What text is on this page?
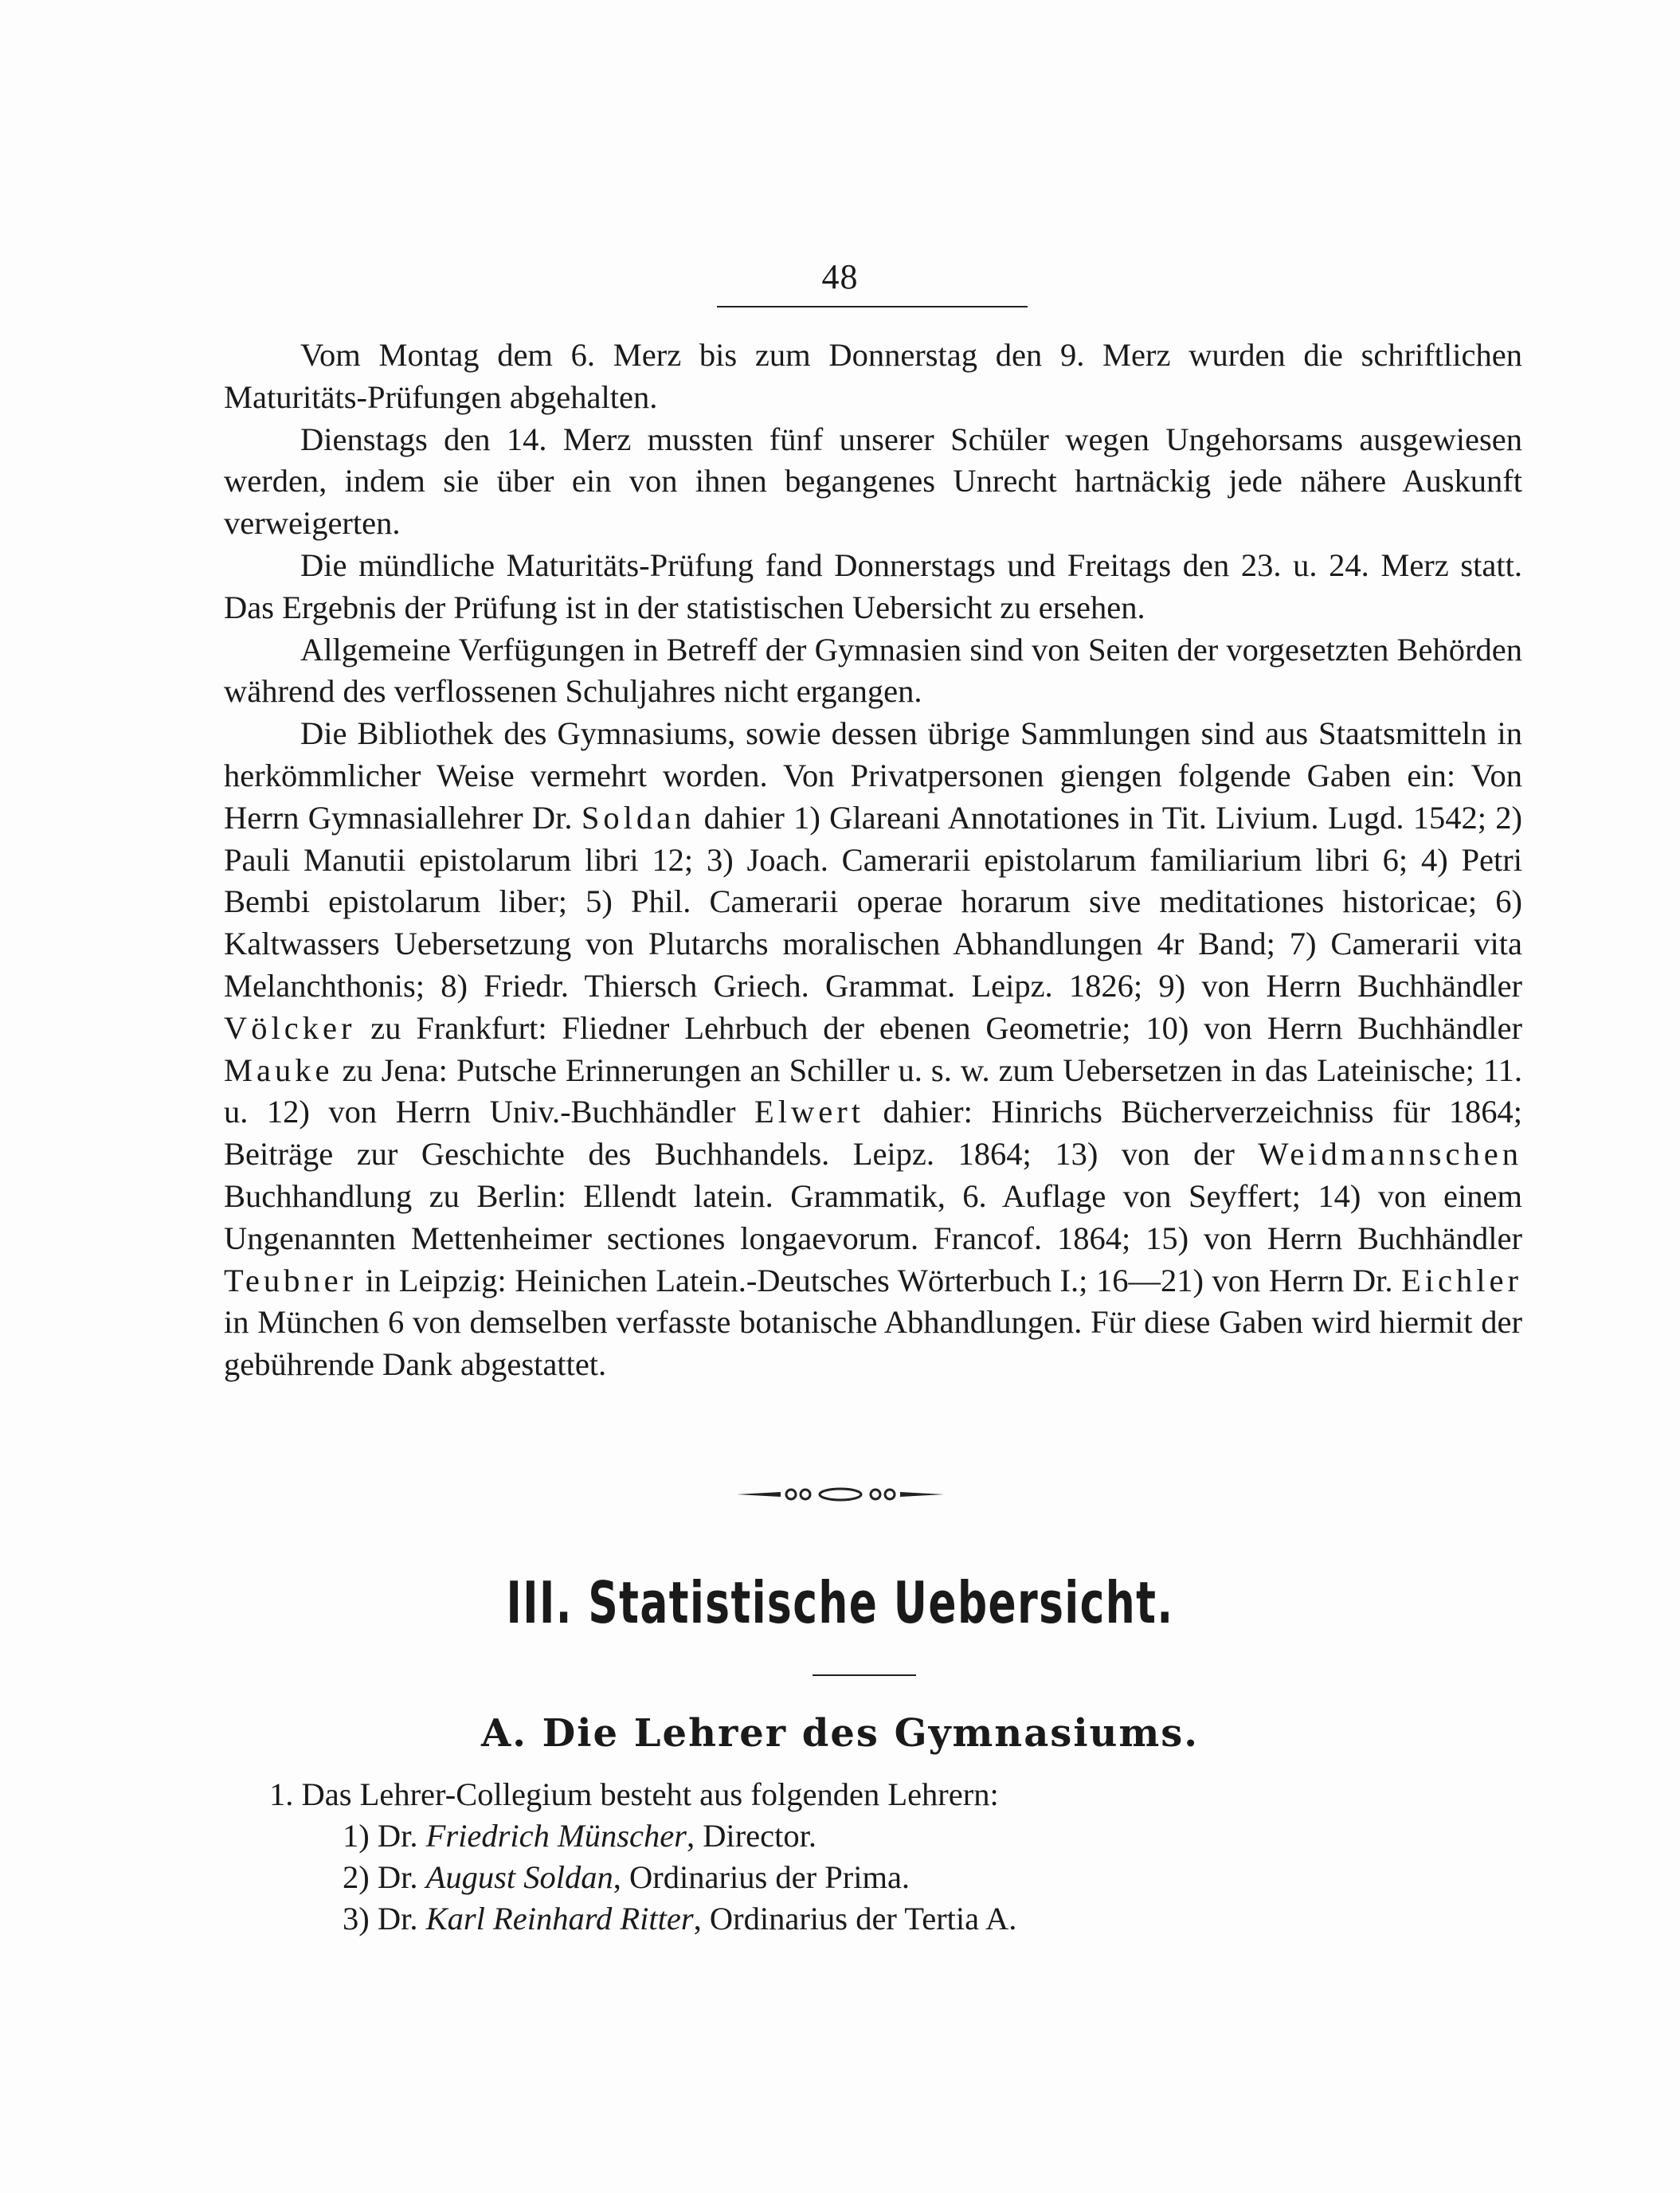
48

Vom Montag dem 6. Merz bis zum Donnerstag den 9. Merz wurden die schriftlichen Maturitäts-Prüfungen abgehalten.

Dienstags den 14. Merz mussten fünf unserer Schüler wegen Ungehorsams ausgewiesen werden, indem sie über ein von ihnen begangenes Unrecht hartnäckig jede nähere Auskunft verweigerten.

Die mündliche Maturitäts-Prüfung fand Donnerstags und Freitags den 23. u. 24. Merz statt. Das Ergebnis der Prüfung ist in der statistischen Uebersicht zu ersehen.

Allgemeine Verfügungen in Betreff der Gymnasien sind von Seiten der vorgesetzten Behörden während des verflossenen Schuljahres nicht ergangen.

Die Bibliothek des Gymnasiums, sowie dessen übrige Sammlungen sind aus Staatsmitteln in herkömmlicher Weise vermehrt worden. Von Privatpersonen giengen folgende Gaben ein: Von Herrn Gymnasiallehrer Dr. Soldan dahier 1) Glareani Annotationes in Tit. Livium. Lugd. 1542; 2) Pauli Manutii epistolarum libri 12; 3) Joach. Camerarii epistolarum familiarium libri 6; 4) Petri Bembi epistolarum liber; 5) Phil. Camerarii operae horarum sive meditationes historicae; 6) Kaltwassers Uebersetzung von Plutarchs moralischen Abhandlungen 4r Band; 7) Camerarii vita Melanchthonis; 8) Friedr. Thiersch Griech. Grammat. Leipz. 1826; 9) von Herrn Buchhändler Völcker zu Frankfurt: Fliedner Lehrbuch der ebenen Geometrie; 10) von Herrn Buchhändler Mauke zu Jena: Putsche Erinnerungen an Schiller u. s. w. zum Uebersetzen in das Lateinische; 11. u. 12) von Herrn Univ.-Buchhändler Elwert dahier: Hinrichs Bücherverzeichniss für 1864; Beiträge zur Geschichte des Buchhandels. Leipz. 1864; 13) von der Weidmannschen Buchhandlung zu Berlin: Ellendt latein. Grammatik, 6. Auflage von Seyffert; 14) von einem Ungenannten Mettenheimer sectiones longaevorum. Francof. 1864; 15) von Herrn Buchhändler Teubner in Leipzig: Heinichen Latein.-Deutsches Wörterbuch I.; 16—21) von Herrn Dr. Eichler in München 6 von demselben verfasste botanische Abhandlungen. Für diese Gaben wird hiermit der gebührende Dank abgestattet.

III. Statistische Uebersicht.
A. Die Lehrer des Gymnasiums.
1. Das Lehrer-Collegium besteht aus folgenden Lehrern:
1) Dr. Friedrich Münscher, Director.
2) Dr. August Soldan, Ordinarius der Prima.
3) Dr. Karl Reinhard Ritter, Ordinarius der Tertia A.
